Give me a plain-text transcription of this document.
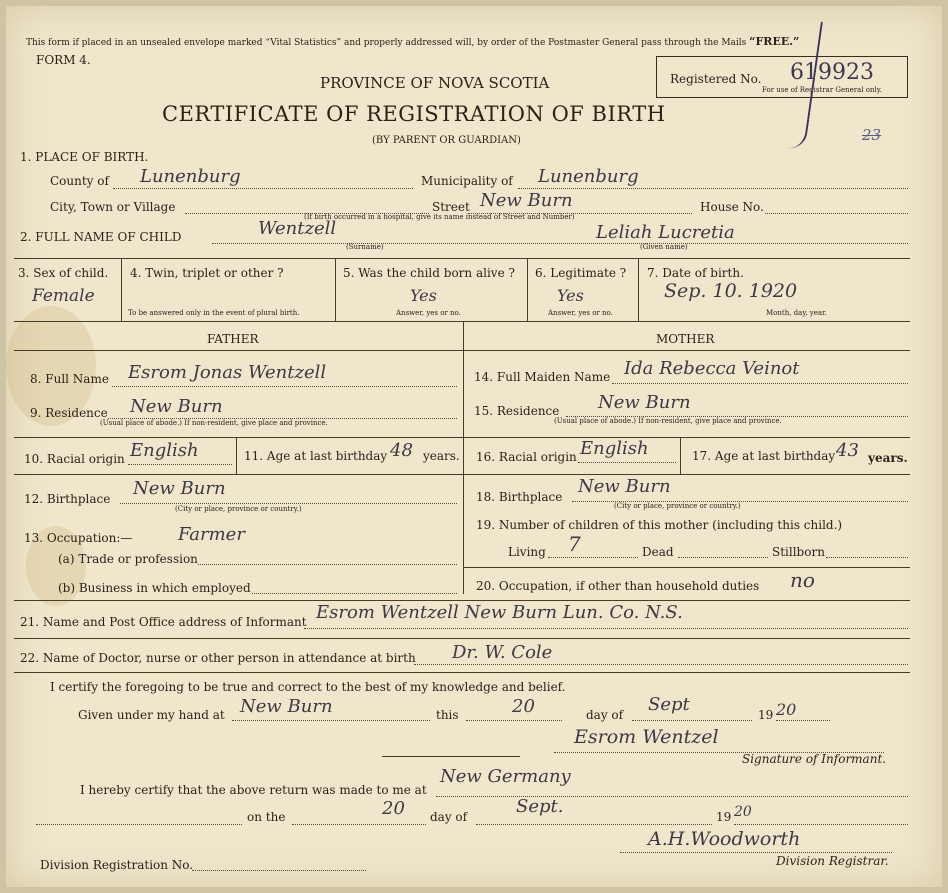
This form if placed in an unsealed envelope marked “Vital Statistics” and properly addressed will, by order of the Postmaster General pass through the Mails “FREE.”
FORM 4.
PROVINCE OF NOVA SCOTIA
CERTIFICATE OF REGISTRATION OF BIRTH
(BY PARENT OR GUARDIAN)
Registered No. 619923
For use of Registrar General only.
23
1. PLACE OF BIRTH.
County of Lunenburg	Municipality of Lunenburg
City, Town or Village	Street New Burn	House No.
(If birth occurred in a hospital, give its name instead of Street and Number)
2. FULL NAME OF CHILD	Wentzell
(Surname)
Leliah Lucretia
(Given name)
3. Sex of child.
Female
4. Twin, triplet or other ?
To be answered only in the event of plural birth.
5. Was the child born alive ?
Yes
Answer, yes or no.
6. Legitimate ?
Yes
Answer, yes or no.
7. Date of birth.
Sep. 10. 1920
Month, day, year.
FATHER	MOTHER
8. Full Name Esrom Jonas Wentzell
9. Residence New Burn
(Usual place of abode.) If non-resident, give place and province.
10. Racial origin English	11. Age at last birthday 48 years.
12. Birthplace New Burn
(City or place, province or country.)
13. Occupation:—	Farmer
(a) Trade or profession
(b) Business in which employed
14. Full Maiden Name Ida Rebecca Veinot
15. Residence New Burn
(Usual place of abode.) If non-resident, give place and province.
16. Racial origin English	17. Age at last birthday 43 years.
18. Birthplace New Burn
(City or place, province or country.)
19. Number of children of this mother (including this child.)
Living 7	Dead	Stillborn
20. Occupation, if other than household duties no
21. Name and Post Office address of Informant Esrom Wentzell New Burn Lun. Co. N.S.
22. Name of Doctor, nurse or other person in attendance at birth Dr. W. Cole
I certify the foregoing to be true and correct to the best of my knowledge and belief.
Given under my hand at New Burn	this	20	day of Sept	19 20
Esrom Wentzel
Signature of Informant.
I hereby certify that the above return was made to me at
New Germany
on the	20 day of	Sept.	19 20
Division Registration No.
A.H.Woodworth
Division Registrar.
